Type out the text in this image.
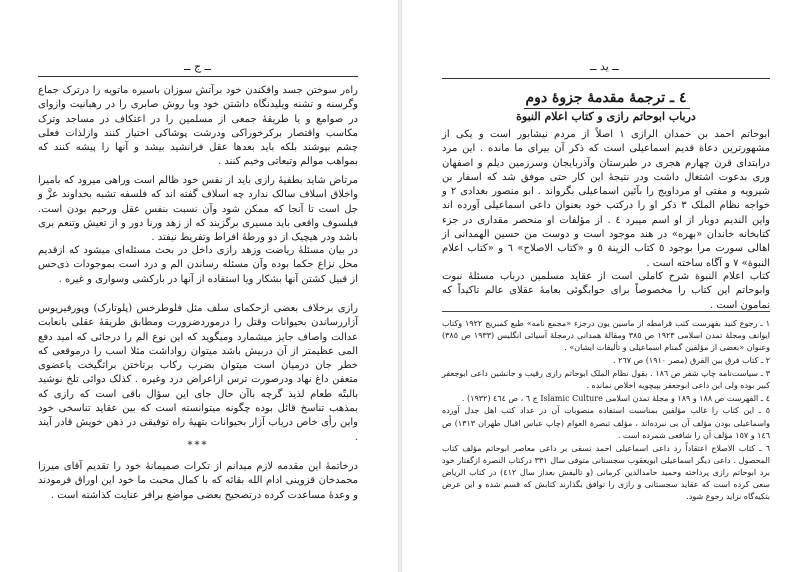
ــ ج ــ

راه‌ر سوختن جسد وافکندن خود برآتش سوزان باسیره ماتویه را درترک جماع وگرسنه و تشنه ویلیدنگاه داشتن خود وبا روش صابری را در رهبانیت وازوای در صوامع و یا طریقهٔ جمعی از مسلمین را در اعتکاف در مساجد وترک مکاسب واقتصار برکرخوراکی ودرشت پوشاکی اختیار کنند وازلذات فعلی چشم بپوشند بلکه باید بعدها عقل فرانشید بیشد و آنها را پیشه کنند که بمواهب موالم وتبعاتی وخیم کنند .

مرتاض شاید بطفیهٔ رازی باید از نفس خود ظالم است وراهی میرود که بامیرا واخلاق اسلاف سالک ندارد چه اسلاف گفته اند که فلسفه تشبه بخداوند عزَّ و جل است تا آنجا که ممکن شود وآن نسبت بنفس عقل ورحیم بودن است. فیلسوف واقعی باید مسیری برگزیند که از زهد ورنا دور و از تعیش وتنعم بری باشد ودر هیچیک از دو ورطهٔ افراط وتفریط نیفتد .

در بیان مسئلهٔ ریاضت وزهد رازی داخل در بحث مسئله‌ای میشود که ازقدیم محل نزاع حکما بوده وآن مسئله رساندن الم و درد است بموجودات ذی‌حس از قبیل کشتن آنها بشکار ویا استفاده از آنها در بارکشی وسواری و غیره .

رازی برخلاف بعضی ازحکمای سلف مثل فلوطرخس (پلوتارک) وپورفیریوس آزاررساندن بحیوانات وقتل را درموردضرورت ومطابق طریقهٔ عقلی بانعابت عدالت واصاف جایز میشمارد ومیگوید که این نوع الم را درجائی که امید دفع المی عظیمتر از آن دربیش باشد میتوان رواداشت مثلا اسب را درموقعی که خطر جان درمیان است میتوان بضرب رکاب برتاختن براثگیخت یاعضوی متعفن داغ نهاد ودرصورت ترس ازاعراض درد وغیره . کذلک دوائی تلخ نوشید بالبتّه طعام لذیذ گرچه باآن حال جای این سؤال باقی است که رازی که بمذهب تناسخ قائل بوده چگونه میتوانسته است که بین عقاید تناسخی خود واین رأی خاص دریاب آزار بحیوانات بتهیهٔ راه توفیقی در ذهن خویش قادر آیند .

***

درخاتمهٔ این مقدمه لازم میدانم از تکرات صمیمانهٔ خود را تقدیم آقای میرزا محمدخان قزوینی ادام الله بقائه که با کمال محبت ما خود این اوراق فرمودند و وعدهٔ مساعدت کرده درتصحیح بعضی مواضع برافر عنایت کذاشته است .

ــ يد ــ
٤ ـ ترجمهٔ مقدمهٔ جزوهٔ دوم
درباب ابوحاتم رازی و کتاب اعلام النبوة

ابوحاتم احمد بن حمدان الرازی ١ اصلاً از مردم نیشابور است و یکی از مشهورترین دعاة قدیم اسماعیلی است که ذکر آن بیرای ما مانده . این مرد درابتدای قرن چهارم هجری در طبرستان وآذربایجان وسرزمین دیلم و اصفهان وری بدعوت اشتغال داشت ودر نتیجهٔ این کار حتی موفق شد که اسفار بن شیرویه و مفتی او مرداویج را بآئین اسماعیلی بگرواند . ابو منصور بغدادی ٢ و خواجه نظام الملک ٣ ذکر او را درکتب خود بعنوان داعی اسماعیلی آورده اند واین الندیم دوبار از او اسم میبرد ٤ . از مؤلفات او منحصر مقداری در جزء کتابخانه خاندان «بهره» در هند موجود است و دوست من حسین الهمدانی از اهالی سورت مرا بوجود ٥ کتاب الزینة ٥ و «کتاب الاصلاح» ٦ و «کتاب اعلام النبوة» ٧ و آگاه ساخته است .

کتاب اعلام النبوة شرح کاملی است از عقاید مسلمین درباب مسئلهٔ نبوت وابوحاتم این کتاب را مخصوصاً برای جوابگوئی بعامهٔ عقلای عالم تاکیداً که نمامون است .

١ ـ رجوع کنید بفهرست کتب قرامطه از ماسین یون درجزء «مجمع نامه» طبع کمبریج ١٩٢٢ وکتاب ایوانف ومجلهٔ تمدن اسلامی ١٩٢٣ ص ٣٨٥ ومقالهٔ همدانی درمجلهٔ آسیائی انگلیس (١٩٣٣ ص ٣٨٥) وعنوان «بعضی از مؤلفین گمنام اسماعیلی و تألیفات ایشان» .

٢ ـ کتاب فرق بین الفرق (مصر ١٩١٠) ص ٢٦٧ .

٣ ـ سیاست‌نامه چاپ شفر ص ١٨٦ . بقول نظام الملک ابوحاتم رازی رقیب و جانشین داعی ابوجعفر کبیر بوده ولی این داعی ابوجعفر بپیچویه اخلاص نمانده .

٤ ـ الفهرست ص ١٨٨ و ١٨٩ و مجلهٔ تمدن اسلامی Islamic Culture ج ٦ ، ص ٤٦٤ (١٩٣٢) .

٥ ـ این کتاب را غالب مؤلفین بمناسبت استفاده منصوبات آن در عداد کتب اهل جدل آورده واسماعیلی بودن مؤلف آن بی نبرده‌اند ، مؤلف تبصرة العوام (چاپ عباس اقبال طهران ١٣١٣) ص ١٤٦ و ١٥٧ مؤلف آن را شافعی شمرده است .

٦ ـ کتاب الاصلاح اعتقاداً رد داعی اسماعیلی احمد نسفی بر داعی معاصر ابوحاتم مؤلف کتاب المحصول . داعی دیگر اسماعیلی ابویعقوب سجستانی متوفی سال ٣٣١ درکتاب النصرة ازگفتار خود برد ابوحاتم رازی پرداخته وحمید حامدالدین کرمانی (و تالیفش بعداز سال ٤١٢) در کتاب الریاض سعی کرده است که عقاید سجستانی و رازی را توافق بگذارند کتابش که قسم شده و این عرض بتکیه‌گاه نزاید رجوع شود.
